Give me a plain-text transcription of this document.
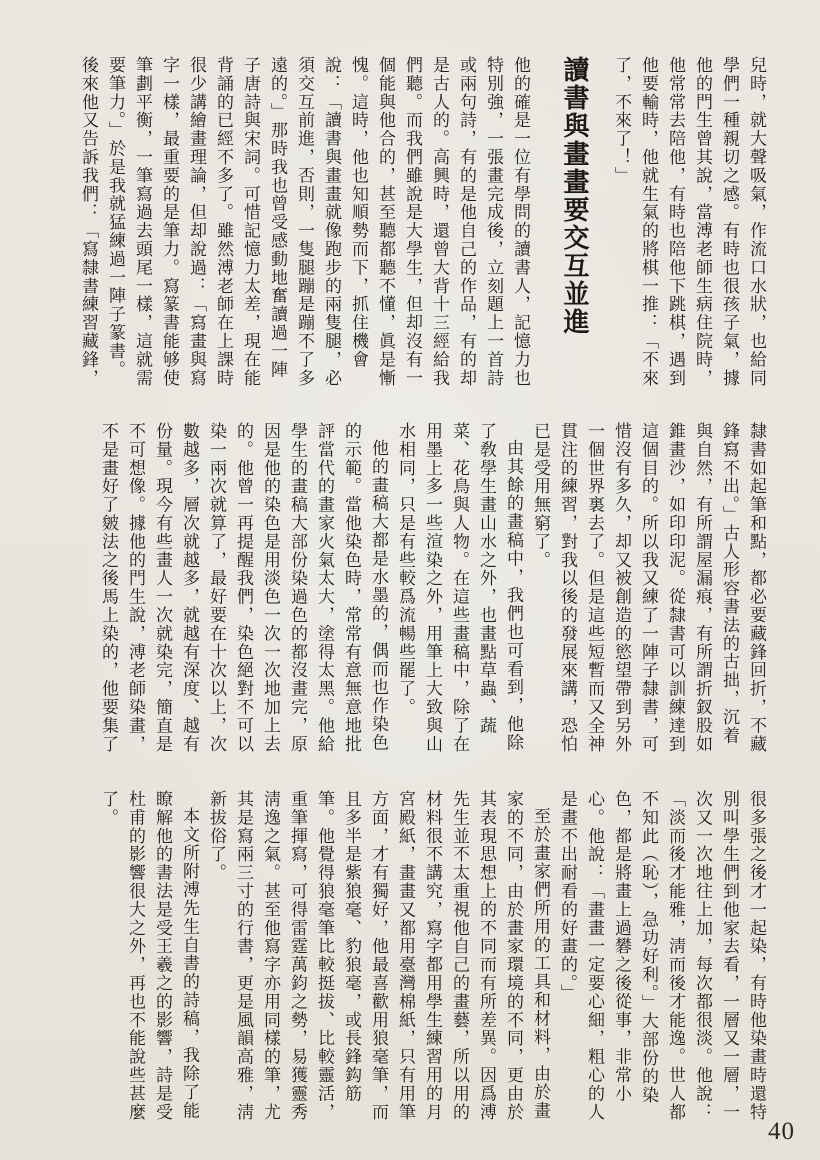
兒時，就大聲吸氣，作流口水狀，也給同學們一種親切之感。有時也很孩子氣，據他的門生曾其說，當溥老師生病住院時，他常常去陪他，有時也陪他下跳棋，遇到他要輸時，他就生氣的將棋一推：「不來了，不來了！」

讀書與畫畫要交互並進

他的確是一位有學問的讀書人，記憶力也特別強，一張畫完成後，立刻題上一首詩或兩句詩，有的是他自己的作品，有的却是古人的。高興時，還曾大背十三經給我們聽。而我們雖說是大學生，但却沒有一個能與他合的，甚至聽都聽不懂，眞是慚愧。這時，他也知順勢而下，抓住機會說：「讀書與畫畫就像跑步的兩隻腿，必須交互前進，否則，一隻腿蹦是蹦不了多遠的。」那時我也曾受感動地奮讀過一陣子唐詩與宋詞。可惜記憶力太差，現在能背誦的已經不多了。雖然溥老師在上課時很少講繪畫理論，但却說過：「寫畫與寫字一樣，最重要的是筆力。寫篆書能够使筆劃平衡，一筆寫過去頭尾一樣，這就需要筆力。」於是我就猛練過一陣子篆書。後來他又告訴我們：「寫隸書練習藏鋒，

隸書如起筆和點，都必要藏鋒回折，不藏鋒寫不出。」古人形容書法的古拙，沉着與自然，有所謂屋漏痕，有所謂折釵股如錐畫沙，如印印泥。從隸書可以訓練達到這個目的。所以我又練了一陣子隸書，可惜沒有多久，却又被創造的慾望帶到另外一個世界裏去了。但是這些短暫而又全神貫注的練習，對我以後的發展來講，恐怕已是受用無窮了。

由其餘的畫稿中，我們也可看到，他除了敎學生畫山水之外，也畫點草蟲、蔬菜、花鳥與人物。在這些畫稿中，除了在用墨上多一些渲染之外，用筆上大致與山水相同，只是有些較爲流暢些罷了。

他的畫稿大都是水墨的，偶而也作染色的示範。當他染色時，常常有意無意地批評當代的畫家火氣太大，塗得太黑。他給學生的畫稿大部份染過色的都沒畫完，原因是他的染色是用淡色一次一次地加上去的。他曾一再提醒我們，染色絕對不可以染一兩次就算了，最好要在十次以上，次數越多，層次就越多，就越有深度、越有份量。現今有些畫人一次就染完，簡直是不可想像。據他的門生說，溥老師染畫，不是畫好了皴法之後馬上染的，他要集了

很多張之後才一起染，有時他染畫時還特別叫學生們到他家去看，一層又一層，一次又一次地往上加，每次都很淡。他說：「淡而後才能雅，淸而後才能逸。世人都不知此（恥），急功好利。」大部份的染色，都是將畫上過礬之後從事，非常小心。他說：「畫畫一定要心細，粗心的人是畫不出耐看的好畫的。」

至於畫家們所用的工具和材料，由於畫家的不同，由於畫家環境的不同，更由於其表現思想上的不同而有所差異。因爲溥先生並不太重視他自己的畫藝，所以用的材料很不講究，寫字都用學生練習用的月宮殿紙，畫畫又都用臺灣棉紙，只有用筆方面，才有獨好，他最喜歡用狼毫筆，而且多半是紫狼毫、豹狼毫，或長鋒鈎筋筆。他覺得狼毫筆比較挺拔、比較靈活，重筆揮寫，可得雷霆萬鈞之勢，易獲靈秀淸逸之氣。甚至他寫字亦用同樣的筆，尤其是寫兩三寸的行書，更是風韻高雅，淸新拔俗了。

本文所附溥先生自書的詩稿，我除了能瞭解他的書法是受王羲之的影響，詩是受杜甫的影響很大之外，再也不能說些甚麼了。

40
